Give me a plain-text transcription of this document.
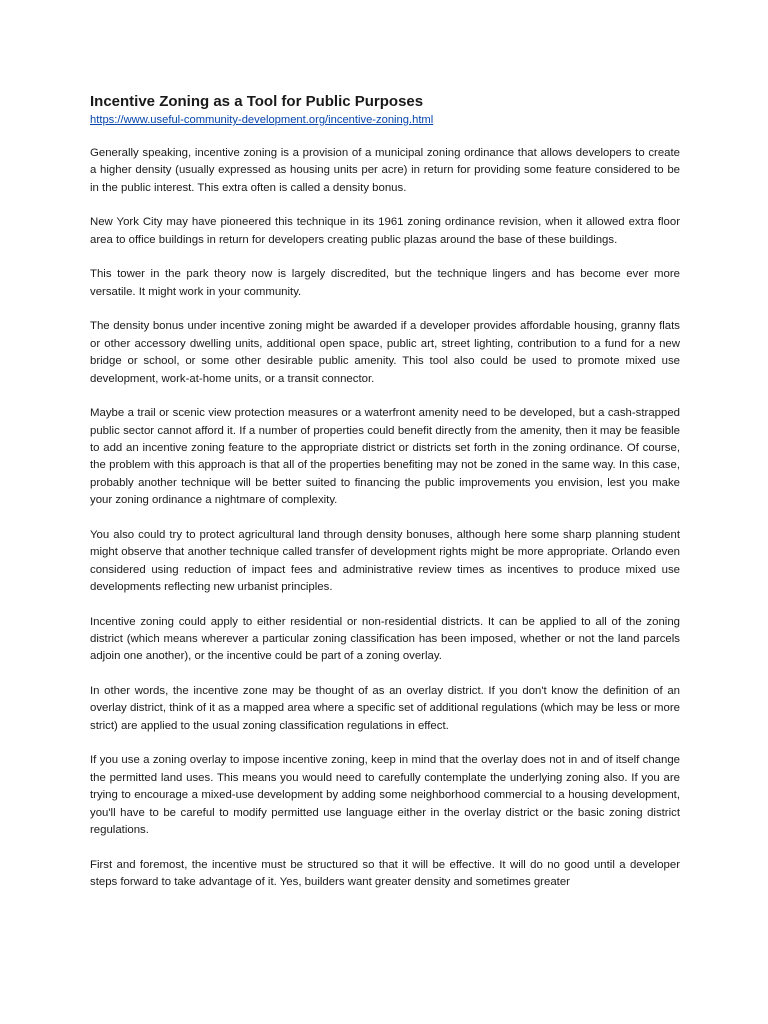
Incentive Zoning as a Tool for Public Purposes
https://www.useful-community-development.org/incentive-zoning.html

Generally speaking, incentive zoning is a provision of a municipal zoning ordinance that allows developers to create a higher density (usually expressed as housing units per acre) in return for providing some feature considered to be in the public interest. This extra often is called a density bonus.

New York City may have pioneered this technique in its 1961 zoning ordinance revision, when it allowed extra floor area to office buildings in return for developers creating public plazas around the base of these buildings.

This tower in the park theory now is largely discredited, but the technique lingers and has become ever more versatile. It might work in your community.

The density bonus under incentive zoning might be awarded if a developer provides affordable housing, granny flats or other accessory dwelling units, additional open space, public art, street lighting, contribution to a fund for a new bridge or school, or some other desirable public amenity. This tool also could be used to promote mixed use development, work-at-home units, or a transit connector.

Maybe a trail or scenic view protection measures or a waterfront amenity need to be developed, but a cash-strapped public sector cannot afford it. If a number of properties could benefit directly from the amenity, then it may be feasible to add an incentive zoning feature to the appropriate district or districts set forth in the zoning ordinance. Of course, the problem with this approach is that all of the properties benefiting may not be zoned in the same way. In this case, probably another technique will be better suited to financing the public improvements you envision, lest you make your zoning ordinance a nightmare of complexity.

You also could try to protect agricultural land through density bonuses, although here some sharp planning student might observe that another technique called transfer of development rights might be more appropriate. Orlando even considered using reduction of impact fees and administrative review times as incentives to produce mixed use developments reflecting new urbanist principles.

Incentive zoning could apply to either residential or non-residential districts. It can be applied to all of the zoning district (which means wherever a particular zoning classification has been imposed, whether or not the land parcels adjoin one another), or the incentive could be part of a zoning overlay.

In other words, the incentive zone may be thought of as an overlay district. If you don't know the definition of an overlay district, think of it as a mapped area where a specific set of additional regulations (which may be less or more strict) are applied to the usual zoning classification regulations in effect.

If you use a zoning overlay to impose incentive zoning, keep in mind that the overlay does not in and of itself change the permitted land uses. This means you would need to carefully contemplate the underlying zoning also. If you are trying to encourage a mixed-use development by adding some neighborhood commercial to a housing development, you'll have to be careful to modify permitted use language either in the overlay district or the basic zoning district regulations.

First and foremost, the incentive must be structured so that it will be effective. It will do no good until a developer steps forward to take advantage of it. Yes, builders want greater density and sometimes greater
